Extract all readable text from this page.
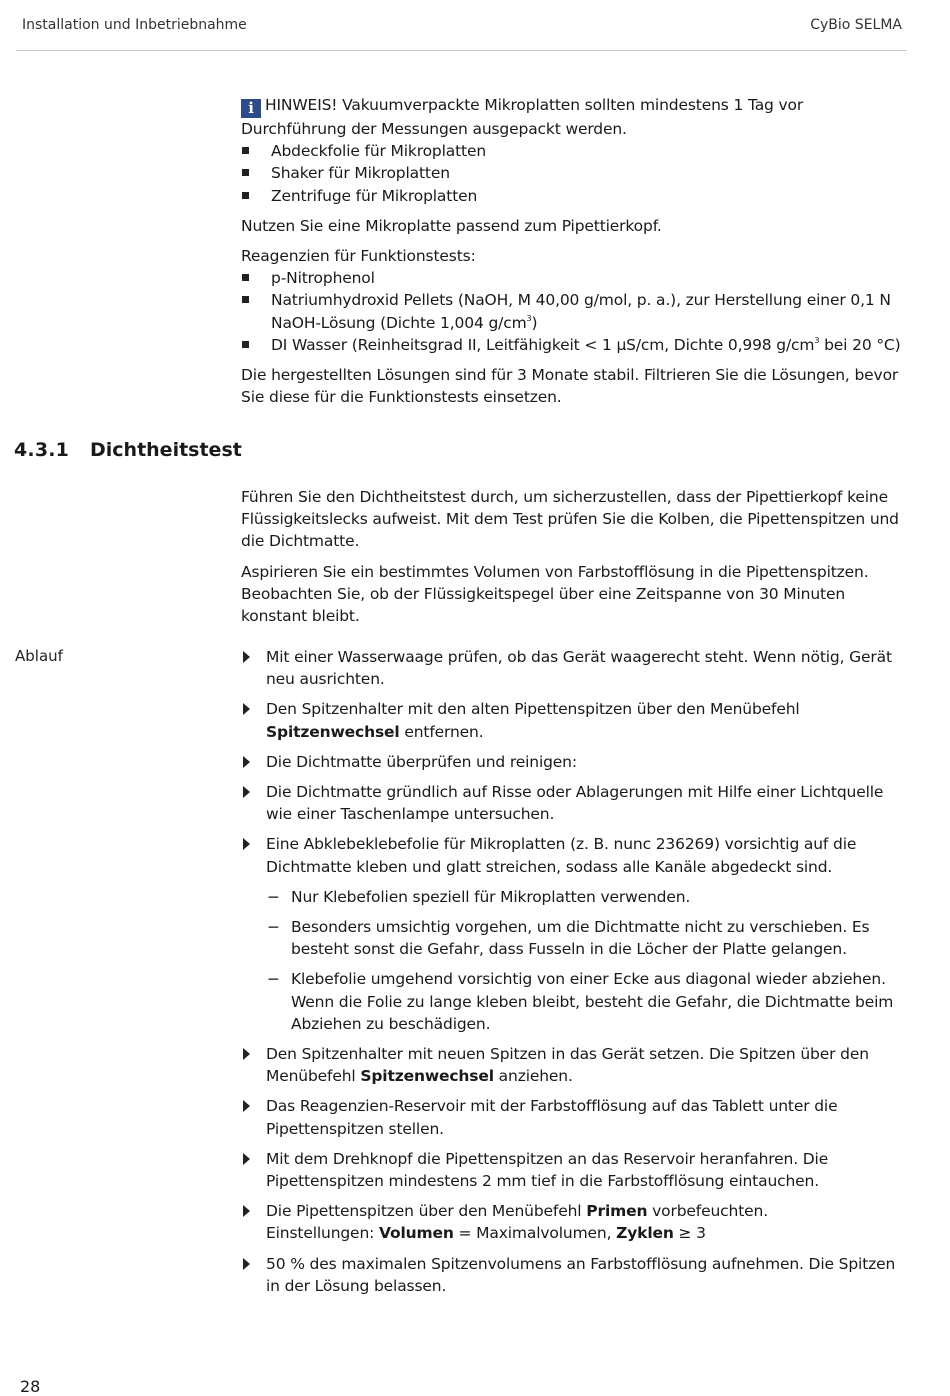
Installation und Inbetriebnahme	CyBio SELMA

i HINWEIS! Vakuumverpackte Mikroplatten sollten mindestens 1 Tag vor Durchführung der Messungen ausgepackt werden.

Abdeckfolie für Mikroplatten
Shaker für Mikroplatten
Zentrifuge für Mikroplatten

Nutzen Sie eine Mikroplatte passend zum Pipettierkopf.

Reagenzien für Funktionstests:
p-Nitrophenol
Natriumhydroxid Pellets (NaOH, M 40,00 g/mol, p. a.), zur Herstellung einer 0,1 N NaOH-Lösung (Dichte 1,004 $g/cm^3$)
DI Wasser (Reinheitsgrad II, Leitfähigkeit < 1 µS/cm, Dichte 0,998 $g/cm^3$ bei 20 °C)

Die hergestellten Lösungen sind für 3 Monate stabil. Filtrieren Sie die Lösungen, bevor Sie diese für die Funktionstests einsetzen.

4.3.1 Dichtheitstest

Führen Sie den Dichtheitstest durch, um sicherzustellen, dass der Pipettierkopf keine Flüssigkeitslecks aufweist. Mit dem Test prüfen Sie die Kolben, die Pipettenspitzen und die Dichtmatte.

Aspirieren Sie ein bestimmtes Volumen von Farbstofflösung in die Pipettenspitzen. Beobachten Sie, ob der Flüssigkeitspegel über eine Zeitspanne von 30 Minuten konstant bleibt.

Ablauf	Mit einer Wasserwaage prüfen, ob das Gerät waagerecht steht. Wenn nötig, Gerät neu ausrichten.

Den Spitzenhalter mit den alten Pipettenspitzen über den Menübefehl Spitzenwechsel entfernen.

Die Dichtmatte überprüfen und reinigen:

Die Dichtmatte gründlich auf Risse oder Ablagerungen mit Hilfe einer Lichtquelle wie einer Taschenlampe untersuchen.

Eine Abklebeklebefolie für Mikroplatten (z. B. nunc 236269) vorsichtig auf die Dichtmatte kleben und glatt streichen, sodass alle Kanäle abgedeckt sind.

− Nur Klebefolien speziell für Mikroplatten verwenden.

− Besonders umsichtig vorgehen, um die Dichtmatte nicht zu verschieben. Es besteht sonst die Gefahr, dass Fusseln in die Löcher der Platte gelangen.

− Klebefolie umgehend vorsichtig von einer Ecke aus diagonal wieder abziehen. Wenn die Folie zu lange kleben bleibt, besteht die Gefahr, die Dichtmatte beim Abziehen zu beschädigen.

Den Spitzenhalter mit neuen Spitzen in das Gerät setzen. Die Spitzen über den Menübefehl Spitzenwechsel anziehen.

Das Reagenzien-Reservoir mit der Farbstofflösung auf das Tablett unter die Pipettenspitzen stellen.

Mit dem Drehknopf die Pipettenspitzen an das Reservoir heranfahren. Die Pipettenspitzen mindestens 2 mm tief in die Farbstofflösung eintauchen.

Die Pipettenspitzen über den Menübefehl Primen vorbefeuchten.
Einstellungen: Volumen = Maximalvolumen, Zyklen ≥ 3

50 % des maximalen Spitzenvolumens an Farbstofflösung aufnehmen. Die Spitzen in der Lösung belassen.

28
